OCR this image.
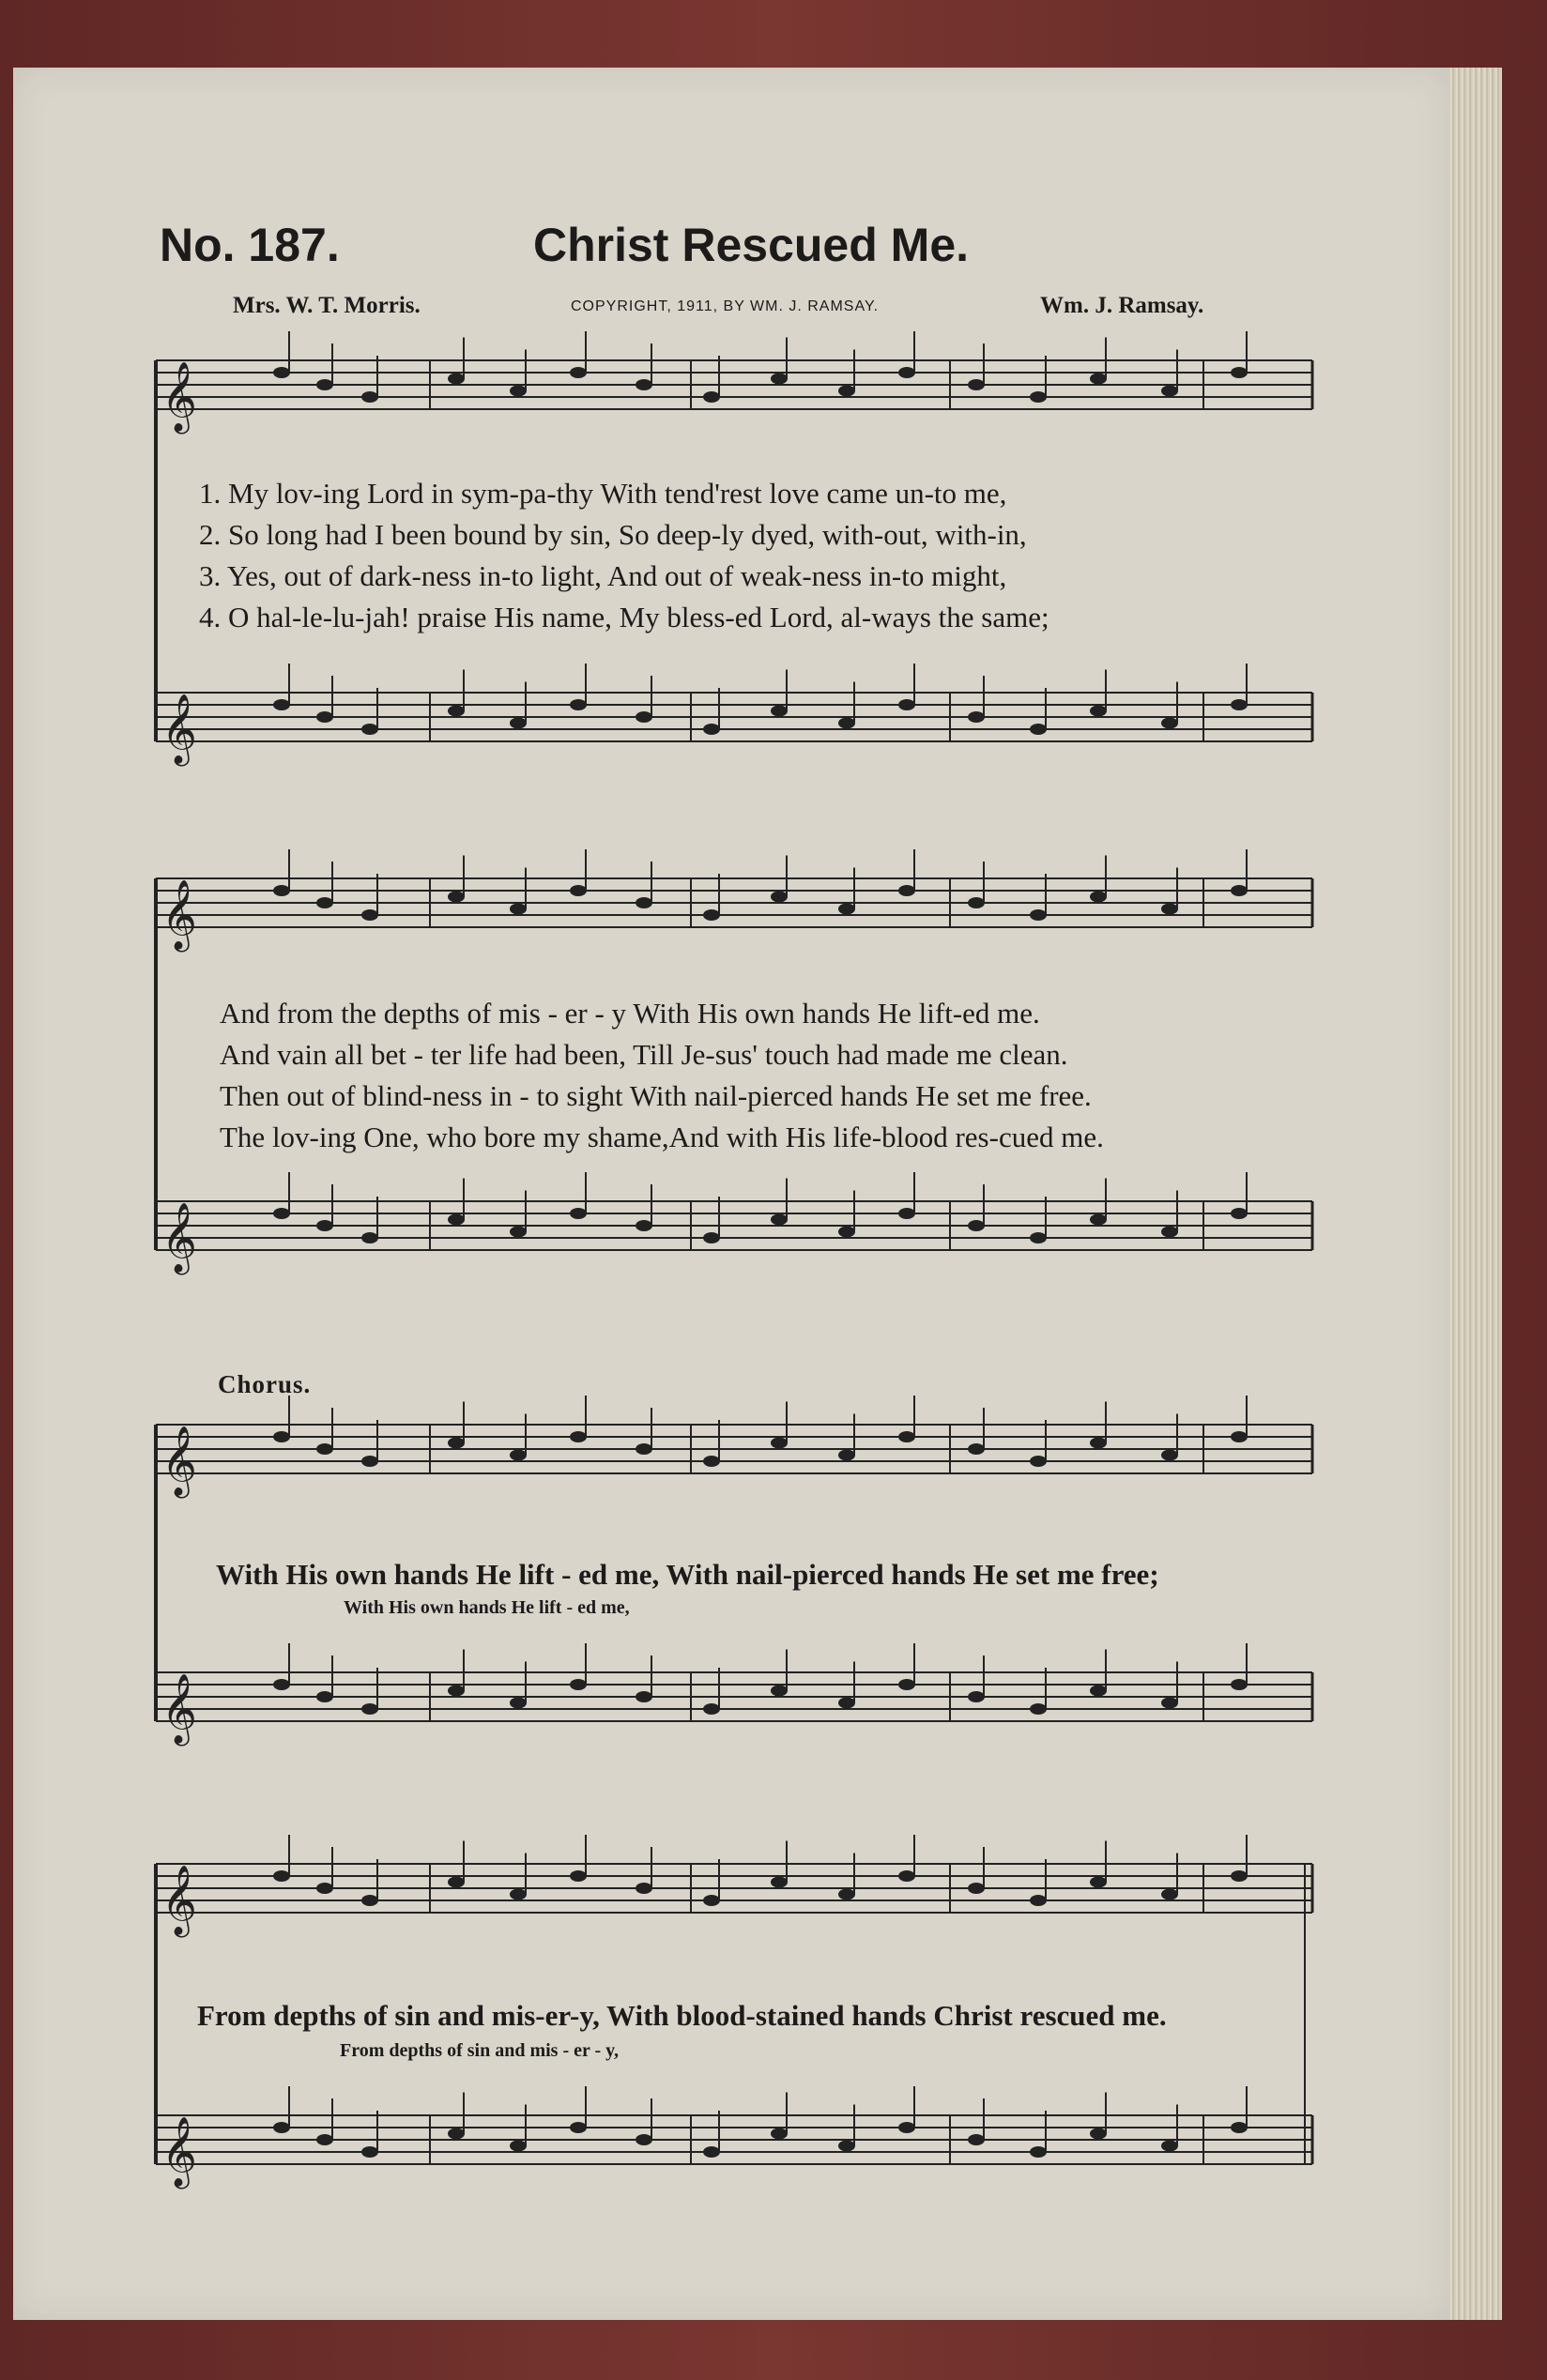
𝄞
𝄞
𝄞
𝄞
𝄞
𝄞
𝄞
𝄞
No. 187.	Christ Rescued Me.
Mrs. W. T. Morris.	COPYRIGHT, 1911, BY WM. J. RAMSAY.	Wm. J. Ramsay.
1. My lov-ing Lord in sym-pa-thy With tend'rest love came un-to me,
2. So long had I been bound by sin, So deep-ly dyed, with-out, with-in,
3. Yes, out of dark-ness in-to light, And out of weak-ness in-to might,
4. O hal-le-lu-jah! praise His name, My bless-ed Lord, al-ways the same;
And from the depths of mis - er - y With His own hands He lift-ed me.
And vain all bet - ter life had been, Till Je-sus' touch had made me clean.
Then out of blind-ness in - to sight With nail-pierced hands He set me free.
The lov-ing One, who bore my shame,And with His life-blood res-cued me.
Chorus.
With His own hands He lift - ed me, With nail-pierced hands He set me free;
With His own hands He lift - ed me,
From depths of sin and mis-er-y, With blood-stained hands Christ rescued me.
From depths of sin and mis - er - y,
